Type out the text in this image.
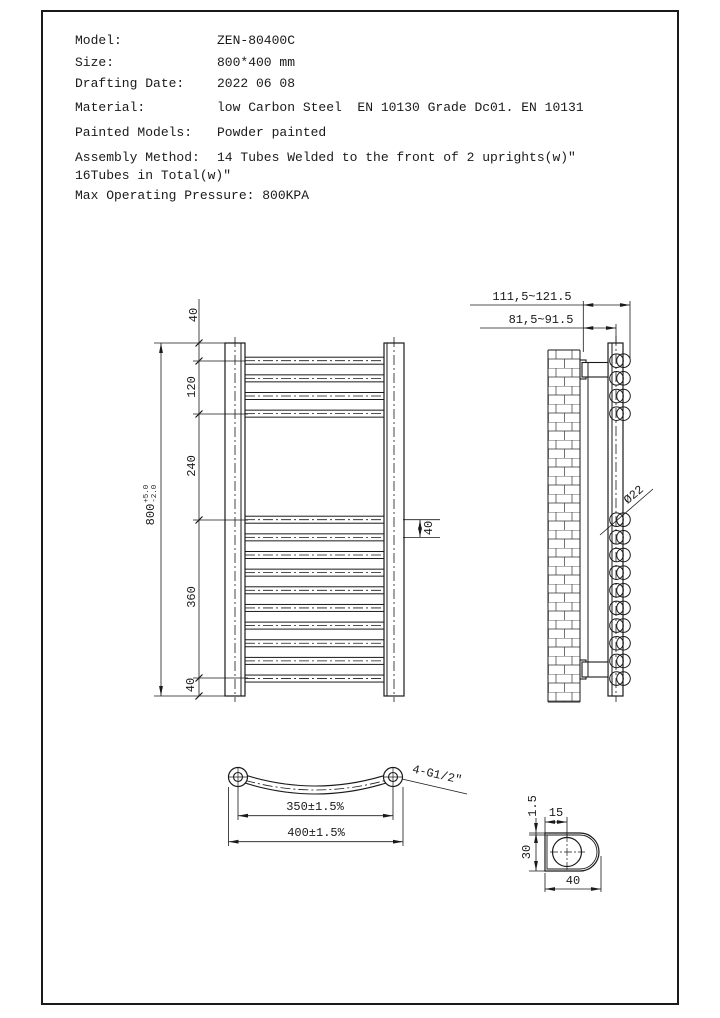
Model:	ZEN-80400C
Size:	800*400 mm
Drafting Date:	2022 06 08
Material:	low Carbon Steel  EN 10130 Grade Dc01. EN 10131
Painted Models: Powder painted
Assembly Method: 14 Tubes Welded to the front of 2 uprights(w)"
16Tubes in Total(w)"
Max Operating Pressure: 800KPA
40
120
240
360
40
800
+5.0 -2.0
40
111,5~121.5
81,5~91.5
Ø22
350±1.5%
400±1.5%
4-G1/2"
1.5 15
30
40
